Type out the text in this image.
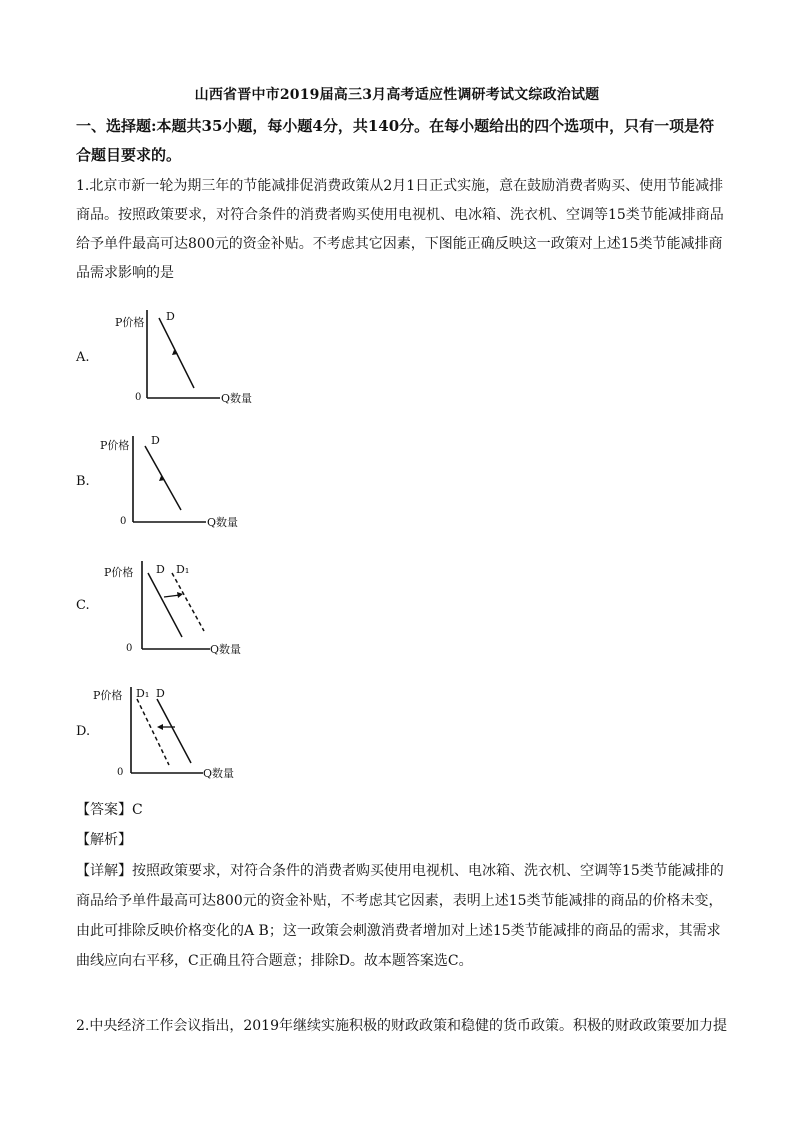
山西省晋中市2019届高三3月高考适应性调研考试文综政治试题
一、选择题:本题共35小题，每小题4分，共140分。在每小题给出的四个选项中，只有一项是符合题目要求的。
1.北京市新一轮为期三年的节能减排促消费政策从2月1日正式实施，意在鼓励消费者购买、使用节能减排商品。按照政策要求，对符合条件的消费者购买使用电视机、电冰箱、洗衣机、空调等15类节能减排商品给予单件最高可达800元的资金补贴。不考虑其它因素，下图能正确反映这一政策对上述15类节能减排商品需求影响的是
A.
P价格
Q数量
0
D
B.
P价格
Q数量
0
D
C.
P价格
Q数量
0
D D₁
D.
P价格
Q数量
0
D₁ D
【答案】C
【解析】
【详解】按照政策要求，对符合条件的消费者购买使用电视机、电冰箱、洗衣机、空调等15类节能减排的商品给予单件最高可达800元的资金补贴，不考虑其它因素，表明上述15类节能减排的商品的价格未变，由此可排除反映价格变化的A B；这一政策会刺激消费者增加对上述15类节能减排的商品的需求，其需求曲线应向右平移，C正确且符合题意；排除D。故本题答案选C。
2.中央经济工作会议指出，2019年继续实施积极的财政政策和稳健的货币政策。积极的财政政策要加力提
